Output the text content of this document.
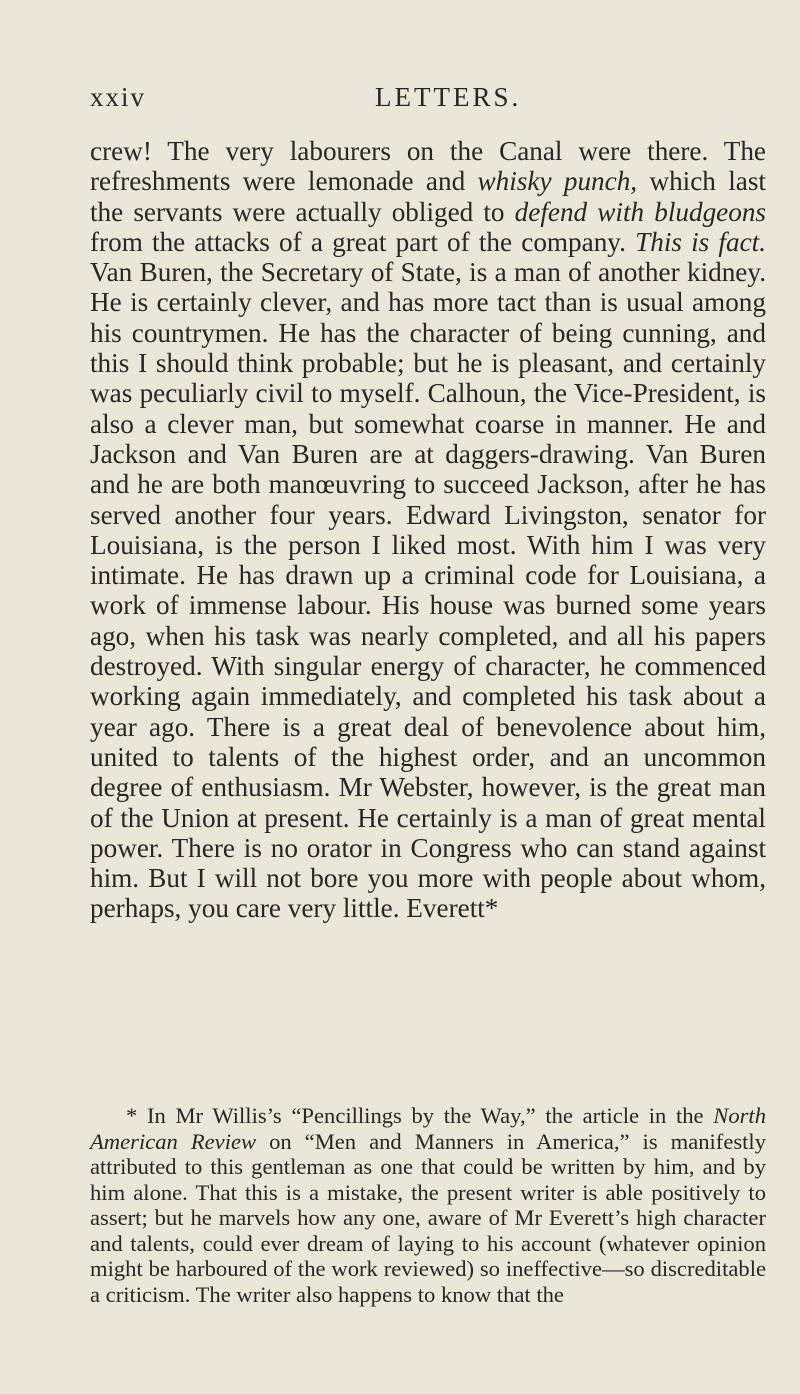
xxiv	LETTERS.

crew! The very labourers on the Canal were there. The refreshments were lemonade and whisky punch, which last the servants were actually obliged to defend with bludgeons from the attacks of a great part of the company. This is fact. Van Buren, the Secretary of State, is a man of another kidney. He is certainly clever, and has more tact than is usual among his countrymen. He has the character of being cunning, and this I should think probable; but he is pleasant, and certainly was peculiarly civil to myself. Calhoun, the Vice-President, is also a clever man, but somewhat coarse in manner. He and Jackson and Van Buren are at daggers-drawing. Van Buren and he are both manœuvring to succeed Jackson, after he has served another four years. Edward Livingston, senator for Louisiana, is the person I liked most. With him I was very intimate. He has drawn up a criminal code for Louisiana, a work of immense labour. His house was burned some years ago, when his task was nearly completed, and all his papers destroyed. With singular energy of character, he commenced working again immediately, and completed his task about a year ago. There is a great deal of benevolence about him, united to talents of the highest order, and an uncommon degree of enthusiasm. Mr Webster, however, is the great man of the Union at present. He certainly is a man of great mental power. There is no orator in Congress who can stand against him. But I will not bore you more with people about whom, perhaps, you care very little. Everett*

* In Mr Willis’s “Pencillings by the Way,” the article in the North American Review on “Men and Manners in America,” is manifestly attributed to this gentleman as one that could be written by him, and by him alone. That this is a mistake, the present writer is able positively to assert; but he marvels how any one, aware of Mr Everett’s high character and talents, could ever dream of laying to his account (whatever opinion might be harboured of the work reviewed) so ineffective—so discreditable a criticism. The writer also happens to know that the
